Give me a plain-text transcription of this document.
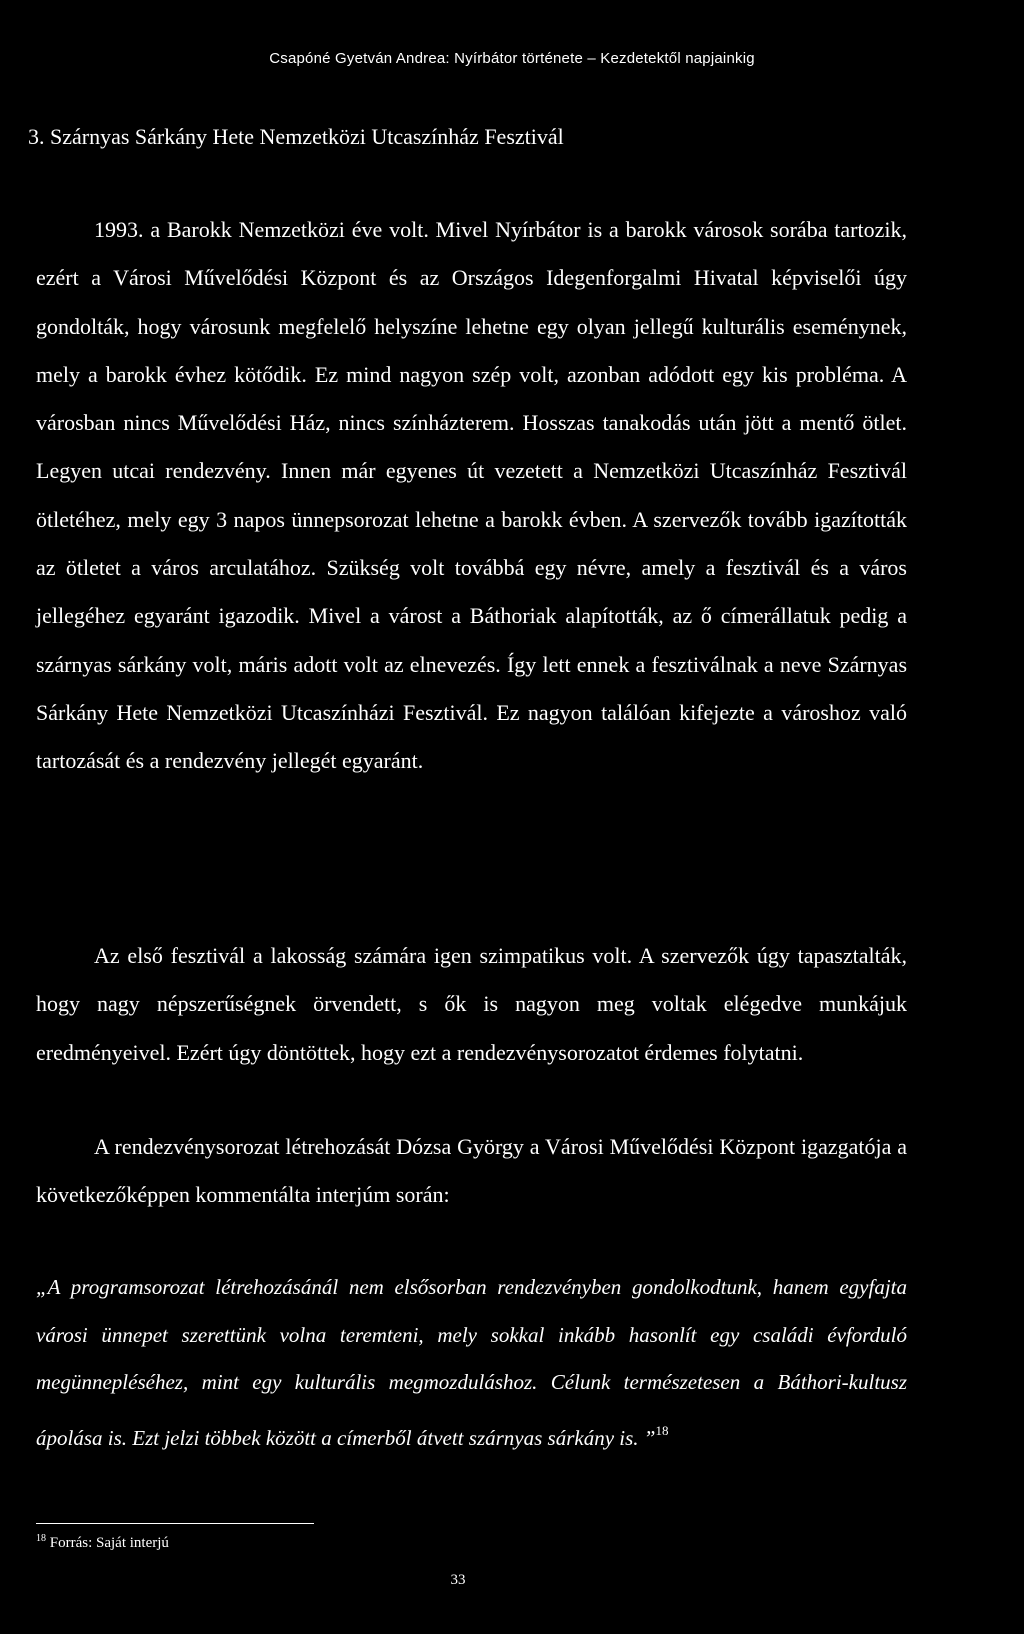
Csapóné Gyetván Andrea: Nyírbátor története – Kezdetektől napjainkig
3. Szárnyas Sárkány Hete Nemzetközi Utcaszínház Fesztivál

1993. a Barokk Nemzetközi éve volt. Mivel Nyírbátor is a barokk városok sorába tartozik, ezért a Városi Művelődési Központ és az Országos Idegenforgalmi Hivatal képviselői úgy gondolták, hogy városunk megfelelő helyszíne lehetne egy olyan jellegű kulturális eseménynek, mely a barokk évhez kötődik. Ez mind nagyon szép volt, azonban adódott egy kis probléma. A városban nincs Művelődési Ház, nincs színházterem. Hosszas tanakodás után jött a mentő ötlet. Legyen utcai rendezvény. Innen már egyenes út vezetett a Nemzetközi Utcaszínház Fesztivál ötletéhez, mely egy 3 napos ünnepsorozat lehetne a barokk évben. A szervezők tovább igazították az ötletet a város arculatához. Szükség volt továbbá egy névre, amely a fesztivál és a város jellegéhez egyaránt igazodik. Mivel a várost a Báthoriak alapították, az ő címerállatuk pedig a szárnyas sárkány volt, máris adott volt az elnevezés. Így lett ennek a fesztiválnak a neve Szárnyas Sárkány Hete Nemzetközi Utcaszínházi Fesztivál. Ez nagyon találóan kifejezte a városhoz való tartozását és a rendezvény jellegét egyaránt.

Az első fesztivál a lakosság számára igen szimpatikus volt. A szervezők úgy tapasztalták, hogy nagy népszerűségnek örvendett, s ők is nagyon meg voltak elégedve munkájuk eredményeivel. Ezért úgy döntöttek, hogy ezt a rendezvénysorozatot érdemes folytatni.

A rendezvénysorozat létrehozását Dózsa György a Városi Művelődési Központ igazgatója a következőképpen kommentálta interjúm során:

„A programsorozat létrehozásánál nem elsősorban rendezvényben gondolkodtunk, hanem egyfajta városi ünnepet szerettünk volna teremteni, mely sokkal inkább hasonlít egy családi évforduló megünnepléséhez, mint egy kulturális megmozduláshoz. Célunk természetesen a Báthori-kultusz ápolása is. Ezt jelzi többek között a címerből átvett szárnyas sárkány is. ”$^{18}$

$^{18}$ Forrás: Saját interjú
33
